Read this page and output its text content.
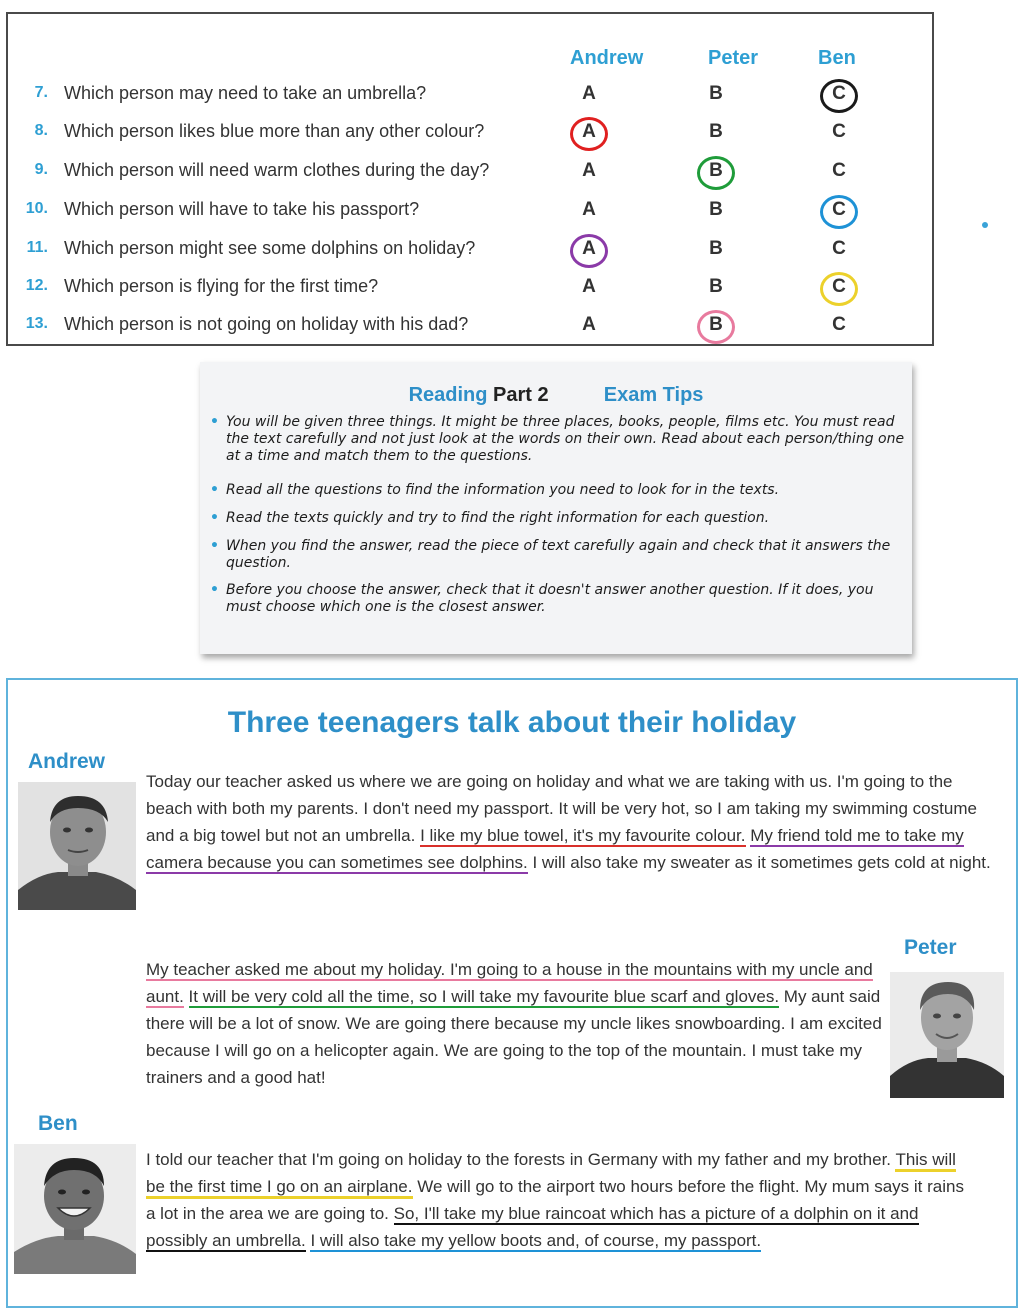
Andrew	Peter	Ben
7. Which person may need to take an umbrella?	A	B	C
8. Which person likes blue more than any other colour?	A	B	C
9. Which person will need warm clothes during the day?	A	B	C
10. Which person will have to take his passport?	A	B	C
11. Which person might see some dolphins on holiday?	A	B	C
12. Which person is flying for the first time?	A	B	C
13. Which person is not going on holiday with his dad?	A	B	C
Reading Part 2	Exam Tips
• You will be given three things. It might be three places, books, people, films etc. You must read the text carefully and not just look at the words on their own. Read about each person/thing one at a time and match them to the questions.
• Read all the questions to find the information you need to look for in the texts.
• Read the texts quickly and try to find the right information for each question.
• When you find the answer, read the piece of text carefully again and check that it answers the question.
• Before you choose the answer, check that it doesn't answer another question. If it does, you must choose which one is the closest answer.
Three teenagers talk about their holiday
Andrew
Today our teacher asked us where we are going on holiday and what we are taking with us. I'm going to the beach with both my parents. I don't need my passport. It will be very hot, so I am taking my swimming costume and a big towel but not an umbrella. I like my blue towel, it's my favourite colour. My friend told me to take my camera because you can sometimes see dolphins. I will also take my sweater as it sometimes gets cold at night.
Peter
My teacher asked me about my holiday. I'm going to a house in the mountains with my uncle and aunt. It will be very cold all the time, so I will take my favourite blue scarf and gloves. My aunt said there will be a lot of snow. We are going there because my uncle likes snowboarding. I am excited because I will go on a helicopter again. We are going to the top of the mountain. I must take my trainers and a good hat!
Ben
I told our teacher that I'm going on holiday to the forests in Germany with my father and my brother. This will be the first time I go on an airplane. We will go to the airport two hours before the flight. My mum says it rains a lot in the area we are going to. So, I'll take my blue raincoat which has a picture of a dolphin on it and possibly an umbrella. I will also take my yellow boots and, of course, my passport.
